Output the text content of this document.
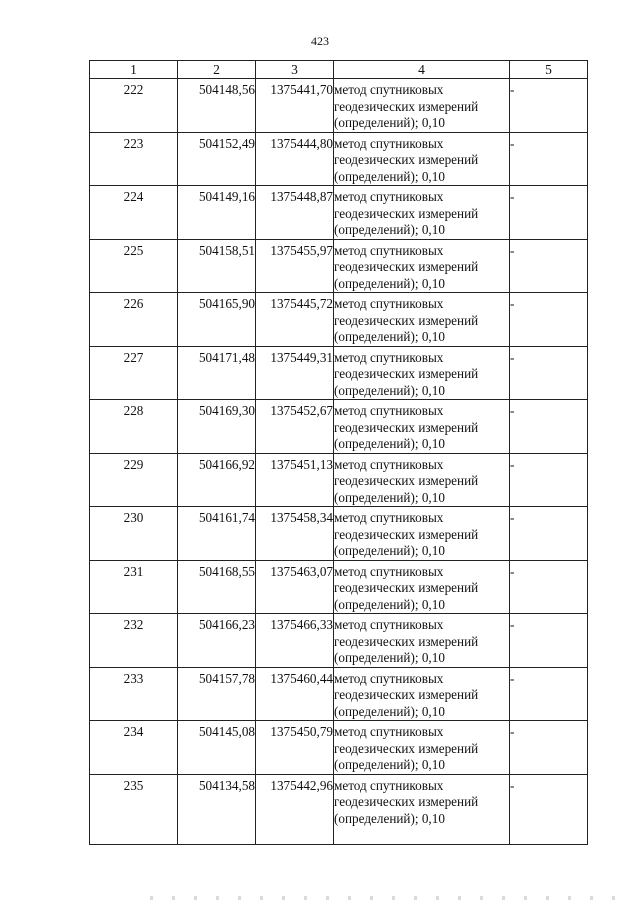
423
1	2	3	4	5
222	504148,56	1375441,70	метод спутниковых
геодезических измерений
(определений); 0,10	-
223	504152,49	1375444,80	метод спутниковых
геодезических измерений
(определений); 0,10	-
224	504149,16	1375448,87	метод спутниковых
геодезических измерений
(определений); 0,10	-
225	504158,51	1375455,97	метод спутниковых
геодезических измерений
(определений); 0,10	-
226	504165,90	1375445,72	метод спутниковых
геодезических измерений
(определений); 0,10	-
227	504171,48	1375449,31	метод спутниковых
геодезических измерений
(определений); 0,10	-
228	504169,30	1375452,67	метод спутниковых
геодезических измерений
(определений); 0,10	-
229	504166,92	1375451,13	метод спутниковых
геодезических измерений
(определений); 0,10	-
230	504161,74	1375458,34	метод спутниковых
геодезических измерений
(определений); 0,10	-
231	504168,55	1375463,07	метод спутниковых
геодезических измерений
(определений); 0,10	-
232	504166,23	1375466,33	метод спутниковых
геодезических измерений
(определений); 0,10	-
233	504157,78	1375460,44	метод спутниковых
геодезических измерений
(определений); 0,10	-
234	504145,08	1375450,79	метод спутниковых
геодезических измерений
(определений); 0,10	-
235	504134,58	1375442,96	метод спутниковых
геодезических измерений
(определений); 0,10	-
